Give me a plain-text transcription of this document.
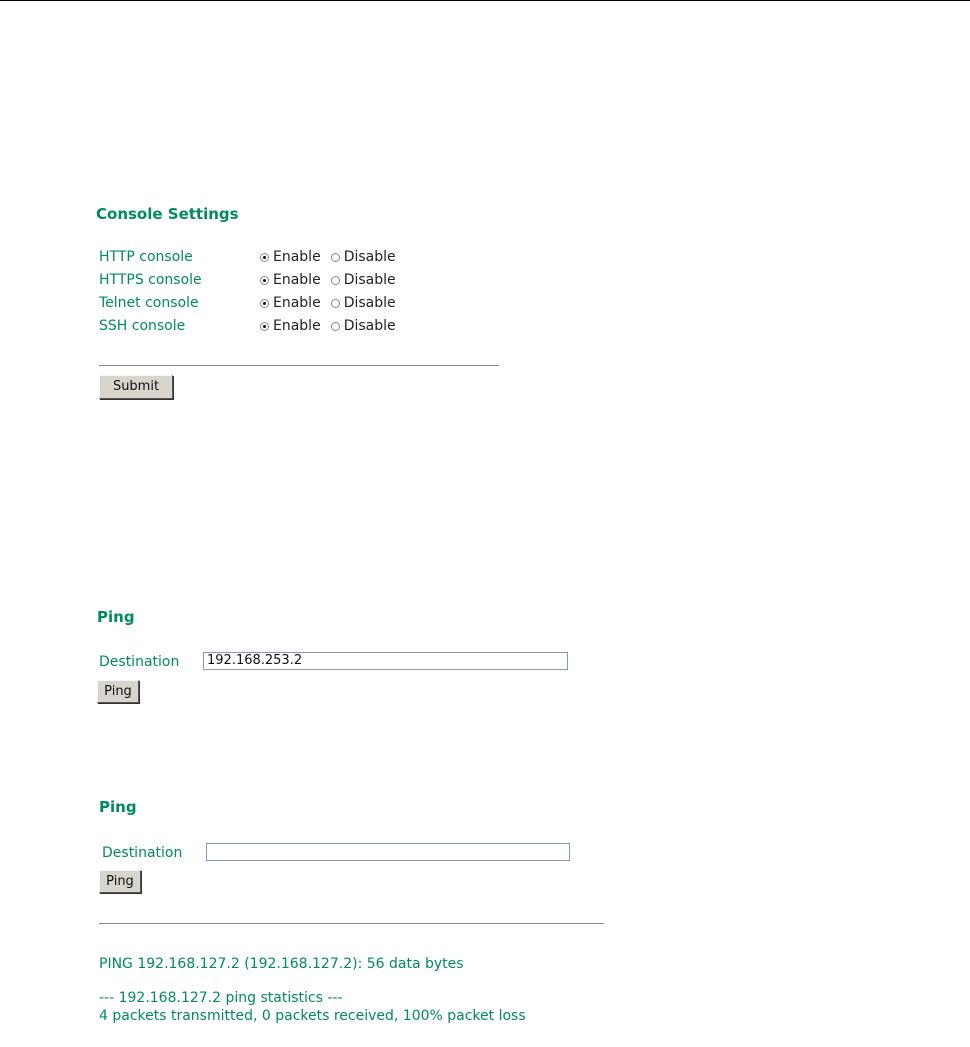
Console Settings
HTTP console	Enable Disable
HTTPS console	Enable Disable
Telnet console	Enable Disable
SSH console	Enable Disable
Submit
Ping
Destination	192.168.253.2
Ping
Ping
Destination
Ping
PING 192.168.127.2 (192.168.127.2): 56 data bytes
--- 192.168.127.2 ping statistics ---
4 packets transmitted, 0 packets received, 100% packet loss
